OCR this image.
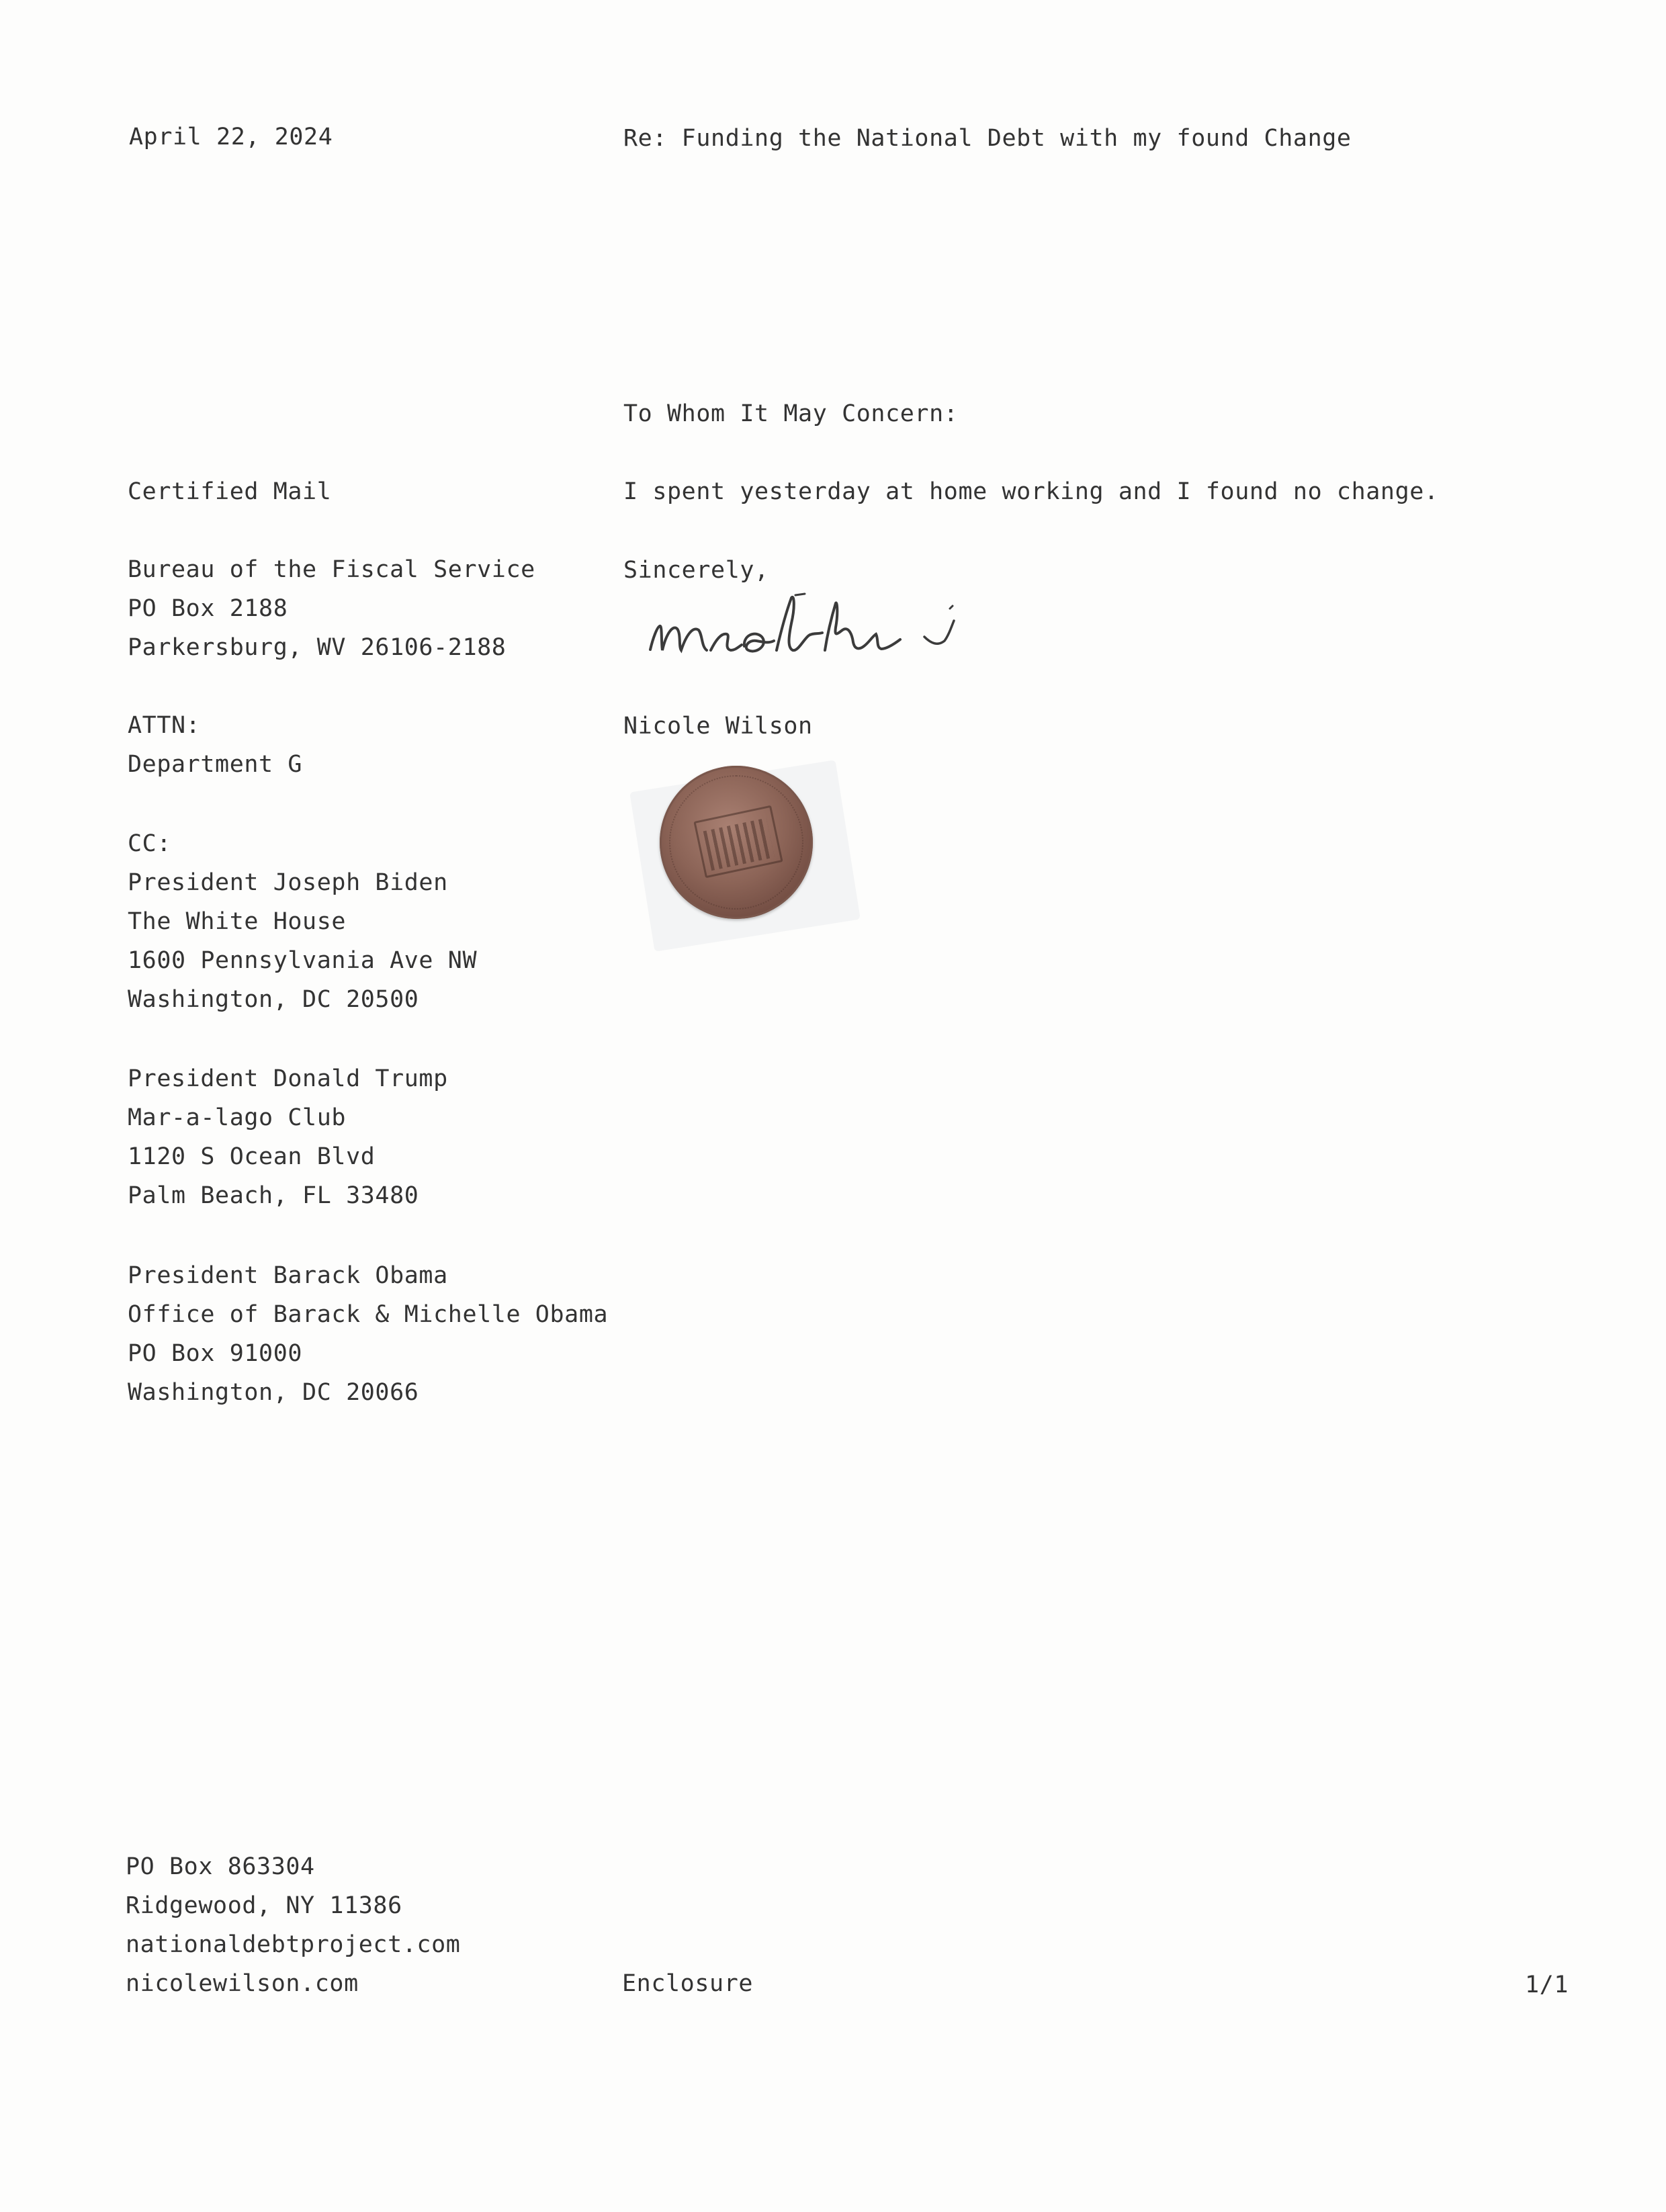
April 22, 2024	Re: Funding the National Debt with my found Change
To Whom It May Concern:
Certified Mail	I spent yesterday at home working and I found no change.
Bureau of the Fiscal Service
PO Box 2188
Parkersburg, WV 26106-2188
Sincerely,
ATTN:
Department G
Nicole Wilson
CC:
President Joseph Biden
The White House
1600 Pennsylvania Ave NW
Washington, DC 20500
President Donald Trump
Mar-a-lago Club
1120 S Ocean Blvd
Palm Beach, FL 33480
President Barack Obama
Office of Barack & Michelle Obama
PO Box 91000
Washington, DC 20066
PO Box 863304
Ridgewood, NY 11386
nationaldebtproject.com
nicolewilson.com	Enclosure	1/1
